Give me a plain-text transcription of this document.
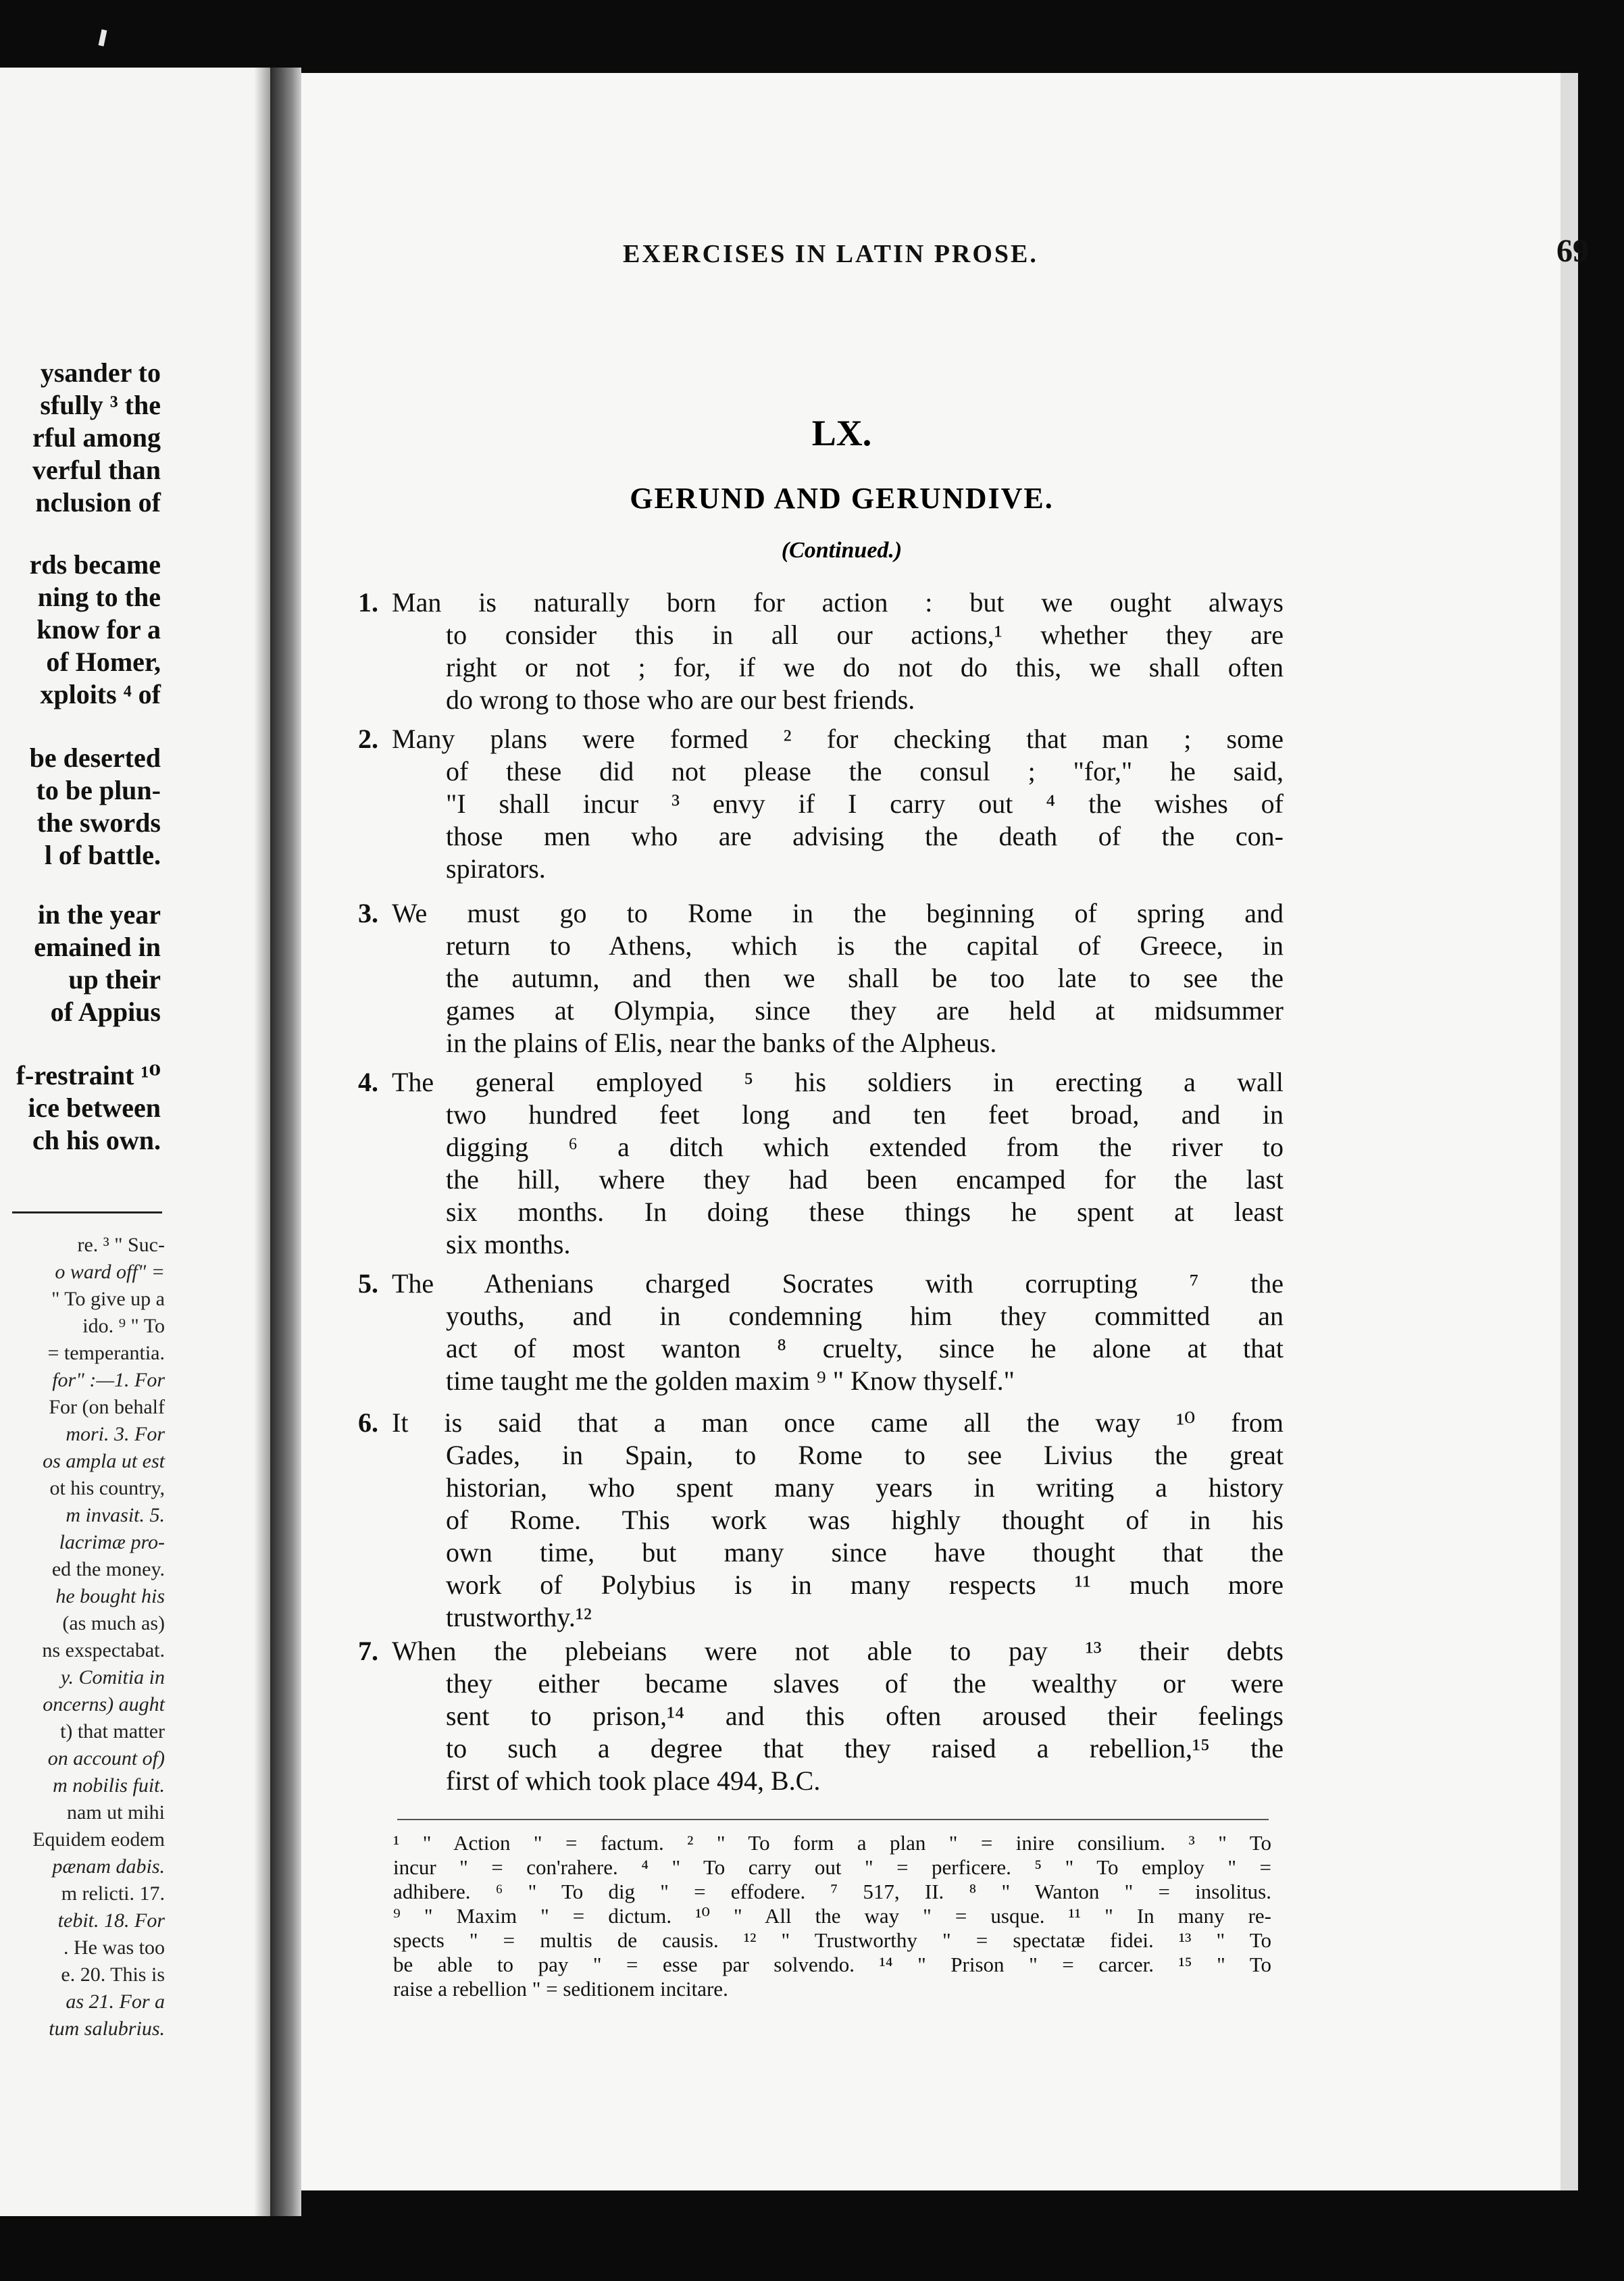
ysander to
sfully ³ the
rful among
verful than
nclusion of
rds became
ning to the
know for a
of Homer,
xploits ⁴ of
be deserted
to be plun-
the swords
l of battle.
in the year
emained in
up their
of Appius
f-restraint ¹⁰
ice between
ch his own.
re. ³ " Suc-
o ward off" =
" To give up a
ido. ⁹ " To
= temperantia.
for" :—1. For
For (on behalf
mori. 3. For
os ampla ut est
ot his country,
m invasit. 5.
lacrimæ pro-
ed the money.
he bought his
(as much as)
ns exspectabat.
y. Comitia in
oncerns) aught
t) that matter
on account of)
m nobilis fuit.
nam ut mihi
Equidem eodem
pænam dabis.
m relicti. 17.
tebit. 18. For
. He was too
e. 20. This is
as 21. For a
tum salubrius.
EXERCISES IN LATIN PROSE.	69
LX.
GERUND AND GERUNDIVE.
(Continued.)
1. Man is naturally born for action : but we ought always
to consider this in all our actions,¹ whether they are
right or not ; for, if we do not do this, we shall often
do wrong to those who are our best friends.
2. Many plans were formed ² for checking that man ; some
of these did not please the consul ; "for," he said,
"I shall incur ³ envy if I carry out ⁴ the wishes of
those men who are advising the death of the con-
spirators.
3. We must go to Rome in the beginning of spring and
return to Athens, which is the capital of Greece, in
the autumn, and then we shall be too late to see the
games at Olympia, since they are held at midsummer
in the plains of Elis, near the banks of the Alpheus.
4. The general employed ⁵ his soldiers in erecting a wall
two hundred feet long and ten feet broad, and in
digging ⁶ a ditch which extended from the river to
the hill, where they had been encamped for the last
six months. In doing these things he spent at least
six months.
5. The Athenians charged Socrates with corrupting ⁷ the
youths, and in condemning him they committed an
act of most wanton ⁸ cruelty, since he alone at that
time taught me the golden maxim ⁹ " Know thyself."
6. It is said that a man once came all the way ¹⁰ from
Gades, in Spain, to Rome to see Livius the great
historian, who spent many years in writing a history
of Rome. This work was highly thought of in his
own time, but many since have thought that the
work of Polybius is in many respects ¹¹ much more
trustworthy.¹²
7. When the plebeians were not able to pay ¹³ their debts
they either became slaves of the wealthy or were
sent to prison,¹⁴ and this often aroused their feelings
to such a degree that they raised a rebellion,¹⁵ the
first of which took place 494, B.C.
¹ " Action " = factum. ² " To form a plan " = inire consilium. ³ " To
incur " = con'rahere. ⁴ " To carry out " = perficere. ⁵ " To employ " =
adhibere. ⁶ " To dig " = effodere. ⁷ 517, II. ⁸ " Wanton " = insolitus.
⁹ " Maxim " = dictum. ¹⁰ " All the way " = usque. ¹¹ " In many re-
spects " = multis de causis. ¹² " Trustworthy " = spectatæ fidei. ¹³ " To
be able to pay " = esse par solvendo. ¹⁴ " Prison " = carcer. ¹⁵ " To
raise a rebellion " = seditionem incitare.
